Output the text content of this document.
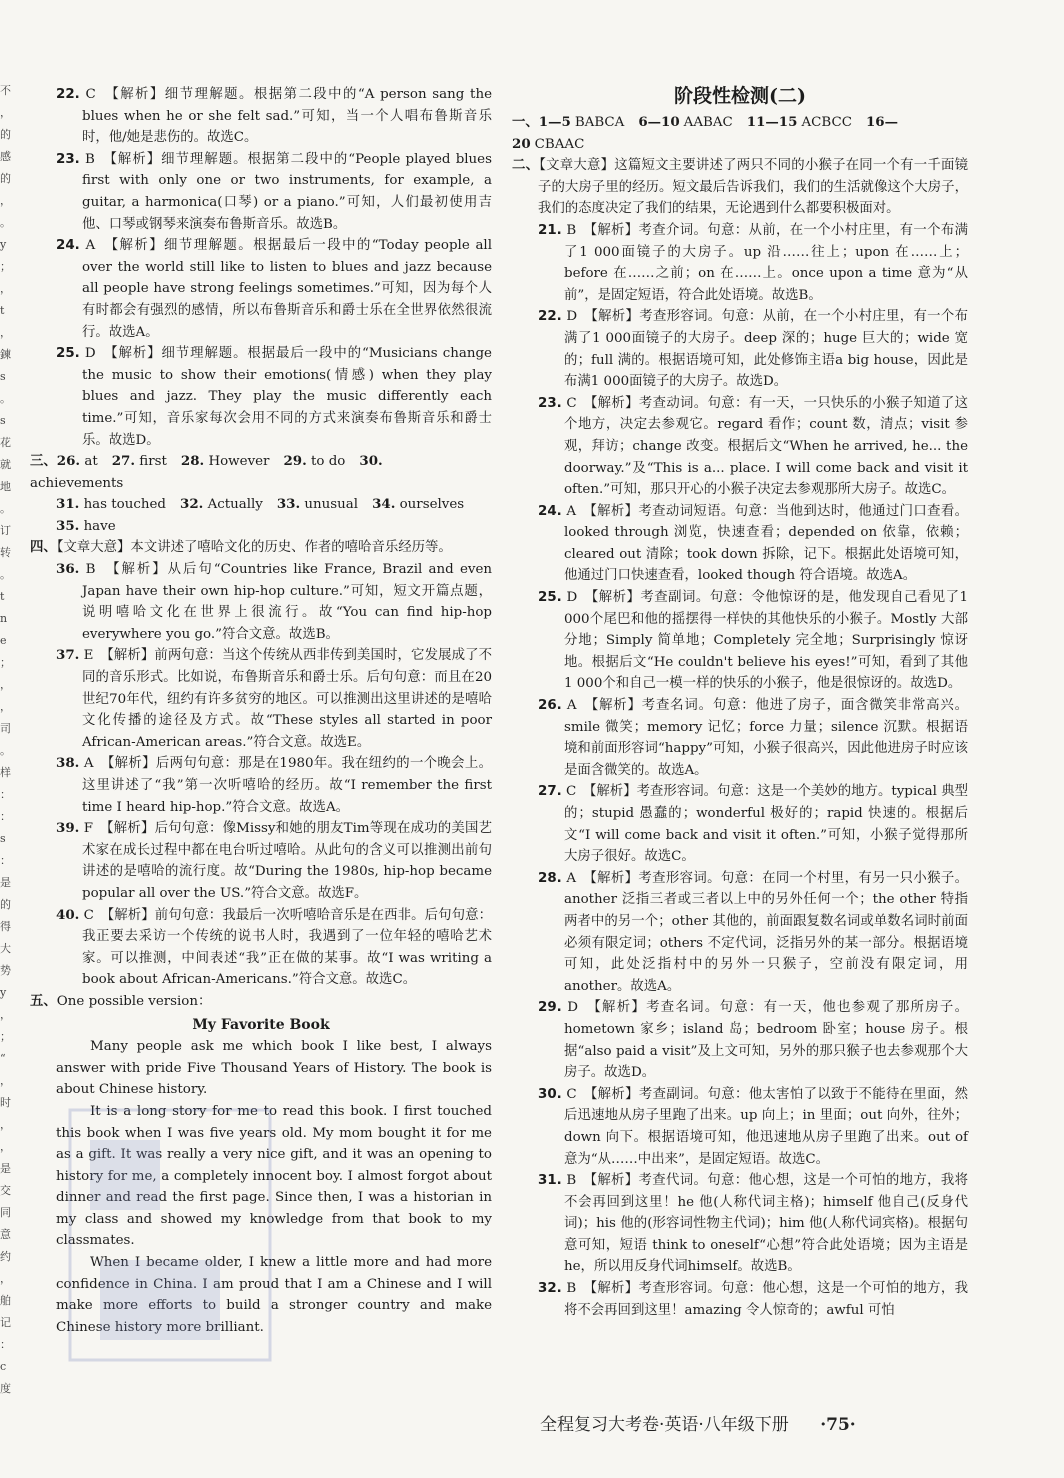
不
，
的
感
的
，
。
y
；
，
t
，
鍊
s
。
s
花
就
地
。
订
转
。
t
n
e
；
，
，
司
。
样
：
：
s
：
是
的
得
大
势
y
，
；
“
，
时
，
，
是
交
同
意
约
，
舶
记
：
c
度

22. C　【解析】细节理解题。根据第二段中的“A person sang the blues when he or she felt sad.”可知，当一个人唱布鲁斯音乐时，他/她是悲伤的。故选C。

23. B　【解析】细节理解题。根据第二段中的“People played blues first with only one or two instruments, for example, a guitar, a harmonica(口琴) or a piano.”可知，人们最初使用吉他、口琴或钢琴来演奏布鲁斯音乐。故选B。

24. A　【解析】细节理解题。根据最后一段中的“Today people all over the world still like to listen to blues and jazz because all people have strong feelings sometimes.”可知，因为每个人有时都会有强烈的感情，所以布鲁斯音乐和爵士乐在全世界依然很流行。故选A。

25. D　【解析】细节理解题。根据最后一段中的“Musicians change the music to show their emotions(情感) when they play blues and jazz. They play the music differently each time.”可知，音乐家每次会用不同的方式来演奏布鲁斯音乐和爵士乐。故选D。

三、26. at 27. first 28. However 29. to do 30. achievements

31. has touched 32. Actually 33. unusual 34. ourselves

35. have

四、【文章大意】本文讲述了嘻哈文化的历史、作者的嘻哈音乐经历等。

36. B　【解析】从后句“Countries like France, Brazil and even Japan have their own hip-hop culture.”可知，短文开篇点题，说明嘻哈文化在世界上很流行。故“You can find hip-hop everywhere you go.”符合文意。故选B。

37. E　【解析】前两句意：当这个传统从西非传到美国时，它发展成了不同的音乐形式。比如说，布鲁斯音乐和爵士乐。后句句意：而且在20世纪70年代，纽约有许多贫穷的地区。可以推测出这里讲述的是嘻哈文化传播的途径及方式。故“These styles all started in poor African-American areas.”符合文意。故选E。

38. A　【解析】后两句句意：那是在1980年。我在纽约的一个晚会上。这里讲述了“我”第一次听嘻哈的经历。故“I remember the first time I heard hip-hop.”符合文意。故选A。

39. F　【解析】后句句意：像Missy和她的朋友Tim等现在成功的美国艺术家在成长过程中都在电台听过嘻哈。从此句的含义可以推测出前句讲述的是嘻哈的流行度。故“During the 1980s, hip-hop became popular all over the US.”符合文意。故选F。

40. C　【解析】前句句意：我最后一次听嘻哈音乐是在西非。后句句意：我正要去采访一个传统的说书人时，我遇到了一位年轻的嘻哈艺术家。可以推测，中间表述“我”正在做的某事。故“I was writing a book about African-Americans.”符合文意。故选C。

五、One possible version：

My Favorite Book

Many people ask me which book I like best, I always answer with pride Five Thousand Years of History. The book is about Chinese history.

It is a long story for me to read this book. I first touched this book when I was five years old. My mom bought it for me as a gift. It was really a very nice gift, and it was an opening to history for me, a completely innocent boy. I almost forgot about dinner and read the first page. Since then, I was a historian in my class and showed my knowledge from that book to my classmates.

When I became older, I knew a little more and had more confidence in China. I am proud that I am a Chinese and I will make more efforts to build a stronger country and make Chinese history more brilliant.

阶段性检测(二)

一、1—5 BABCA 6—10 AABAC 11—15 ACBCC 16—20 CBAAC

二、【文章大意】这篇短文主要讲述了两只不同的小猴子在同一个有一千面镜子的大房子里的经历。短文最后告诉我们，我们的生活就像这个大房子，我们的态度决定了我们的结果，无论遇到什么都要积极面对。

21. B　【解析】考查介词。句意：从前，在一个小村庄里，有一个布满了1 000面镜子的大房子。up 沿……往上；upon 在……上；before 在……之前；on 在……上。once upon a time 意为“从前”，是固定短语，符合此处语境。故选B。

22. D　【解析】考查形容词。句意：从前，在一个小村庄里，有一个布满了1 000面镜子的大房子。deep 深的；huge 巨大的；wide 宽的；full 满的。根据语境可知，此处修饰主语a big house，因此是布满1 000面镜子的大房子。故选D。

23. C　【解析】考查动词。句意：有一天，一只快乐的小猴子知道了这个地方，决定去参观它。regard 看作；count 数，清点；visit 参观，拜访；change 改变。根据后文“When he arrived, he... the doorway.”及“This is a... place. I will come back and visit it often.”可知，那只开心的小猴子决定去参观那所大房子。故选C。

24. A　【解析】考查动词短语。句意：当他到达时，他通过门口查看。looked through 浏览，快速查看；depended on 依靠，依赖；cleared out 清除；took down 拆除，记下。根据此处语境可知，他通过门口快速查看，looked though 符合语境。故选A。

25. D　【解析】考查副词。句意：令他惊讶的是，他发现自己看见了1 000个尾巴和他的摇摆得一样快的其他快乐的小猴子。Mostly 大部分地；Simply 简单地；Completely 完全地；Surprisingly 惊讶地。根据后文“He couldn't believe his eyes!”可知，看到了其他1 000个和自己一模一样的快乐的小猴子，他是很惊讶的。故选D。

26. A　【解析】考查名词。句意：他进了房子，面含微笑非常高兴。smile 微笑；memory 记忆；force 力量；silence 沉默。根据语境和前面形容词“happy”可知，小猴子很高兴，因此他进房子时应该是面含微笑的。故选A。

27. C　【解析】考查形容词。句意：这是一个美妙的地方。typical 典型的；stupid 愚蠢的；wonderful 极好的；rapid 快速的。根据后文“I will come back and visit it often.”可知，小猴子觉得那所大房子很好。故选C。

28. A　【解析】考查形容词。句意：在同一个村里，有另一只小猴子。another 泛指三者或三者以上中的另外任何一个；the other 特指两者中的另一个；other 其他的，前面跟复数名词或单数名词时前面必须有限定词；others 不定代词，泛指另外的某一部分。根据语境可知，此处泛指村中的另外一只猴子，空前没有限定词，用another。故选A。

29. D　【解析】考查名词。句意：有一天，他也参观了那所房子。hometown 家乡；island 岛；bedroom 卧室；house 房子。根据“also paid a visit”及上文可知，另外的那只猴子也去参观那个大房子。故选D。

30. C　【解析】考查副词。句意：他太害怕了以致于不能待在里面，然后迅速地从房子里跑了出来。up 向上；in 里面；out 向外，往外；down 向下。根据语境可知，他迅速地从房子里跑了出来。out of 意为“从……中出来”，是固定短语。故选C。

31. B　【解析】考查代词。句意：他心想，这是一个可怕的地方，我将不会再回到这里！he 他(人称代词主格)；himself 他自己(反身代词)；his 他的(形容词性物主代词)；him 他(人称代词宾格)。根据句意可知，短语 think to oneself“心想”符合此处语境；因为主语是he，所以用反身代词himself。故选B。

32. B　【解析】考查形容词。句意：他心想，这是一个可怕的地方，我将不会再回到这里！amazing 令人惊奇的；awful 可怕

全程复习大考卷·英语·八年级下册 ·75·
